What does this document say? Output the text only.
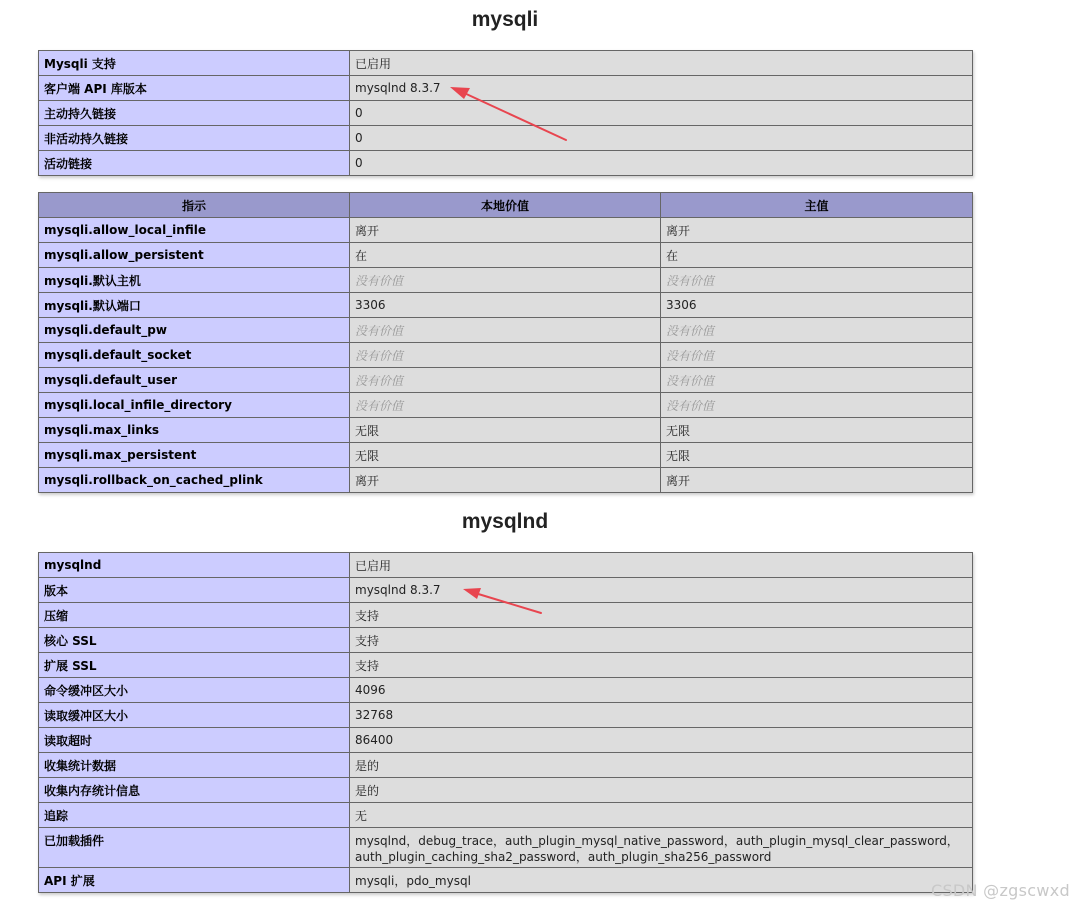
mysqli
Mysqli 支持	已启用
客户端 API 库版本	mysqlnd 8.3.7
主动持久链接	0
非活动持久链接	0
活动链接	0
指示	本地价值	主值
mysqli.allow_local_infile	离开	离开
mysqli.allow_persistent	在	在
mysqli.默认主机	没有价值	没有价值
mysqli.默认端口	3306	3306
mysqli.default_pw	没有价值	没有价值
mysqli.default_socket	没有价值	没有价值
mysqli.default_user	没有价值	没有价值
mysqli.local_infile_directory	没有价值	没有价值
mysqli.max_links	无限	无限
mysqli.max_persistent	无限	无限
mysqli.rollback_on_cached_plink	离开	离开
mysqlnd
mysqlnd	已启用
版本	mysqlnd 8.3.7
压缩	支持
核心 SSL	支持
扩展 SSL	支持
命令缓冲区大小	4096
读取缓冲区大小	32768
读取超时	86400
收集统计数据	是的
收集内存统计信息	是的
追踪	无
已加载插件	mysqlnd，debug_trace，auth_plugin_mysql_native_password，auth_plugin_mysql_clear_password，auth_plugin_caching_sha2_password，auth_plugin_sha256_password
API 扩展	mysqli，pdo_mysql
CSDN @zgscwxd
